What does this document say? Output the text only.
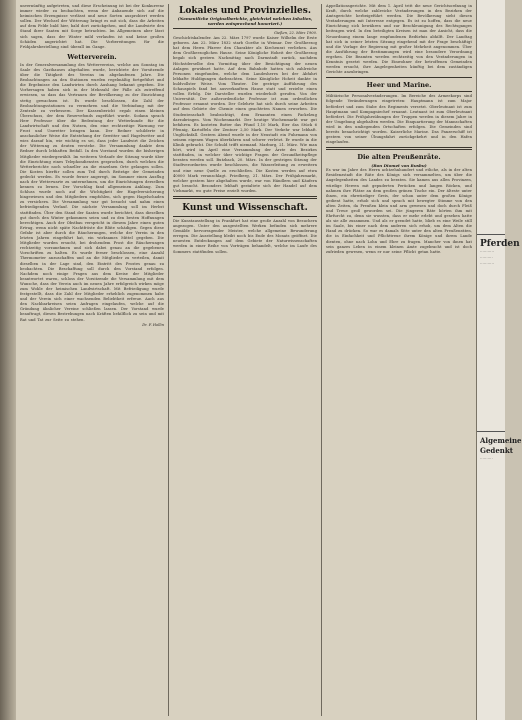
unvernünftig aufgetreten, und diese Erscheinung ist bei der Konkurrenz immer wieder zu beobachten, wenn der Anbauende sich auf die heimischen Erzeugnisse verlässt und neue Sorten ausprobiert werden sollen. Der Wechsel der Witterung bringt es mit sich, dass die Arbeiten auf dem Felde bald hier, bald dort zurückgehen, und die Landwirte den Stand ihrer Saaten mit Sorge betrachten. Im Allgemeinen aber lässt sich sagen, dass der Winter mild verlaufen ist und keine großen Schäden angerichtet hat. Die Vorbereitungen für die Frühjahrsbestellung sind überall im Gange.
Wetterverein.
In der Generalversammlung des Wettervereins, welche am Sonntag im Saale des Gasthauses abgehalten wurde, berichtete der Vorsitzende über die Tätigkeit des Vereins im abgelaufenen Jahre. Die Beobachtungen an den Stationen wurden regelmäßig fortgeführt und die Ergebnisse den Landwirten durch Aushang bekannt gegeben. Die Vorhersagen haben sich in der Mehrzahl der Fälle als zutreffend erwiesen, so dass das Vertrauen der Bevölkerung zu der Einrichtung stetig gewachsen ist. Es wurde beschlossen, die Zahl der Beobachtungsstationen zu vermehren und die Verbindung mit der Zentrale zu verbessern. Der Kassenbericht ergab einen kleinen Überschuss, der dem Reservefonds zugeführt wurde. Sodann sprach Herr Professor über die Bedeutung der Wetterkunde für die Landwirtschaft und den Nutzen, den eine rechtzeitige Warnung vor Frost und Unwetter bringen kann. Der Redner schilderte in anschaulicher Weise die Entstehung der Gewitter und Hagelwetter und wies darauf hin, wie wichtig es sei, dass jeder Landwirt die Zeichen der Witterung zu deuten verstehe. Die Versammlung dankte dem Redner durch lebhaften Beifall. In den Vorstand wurden die bisherigen Mitglieder wiedergewählt. Im weiteren Verlaufe der Sitzung wurde über die Einrichtung eines Telephondienstes gesprochen, durch welchen die Wetterberichte noch schneller an die einzelnen Orte gelangen sollen. Die Kosten hierfür sollen zum Teil durch Beiträge der Gemeinden gedeckt werden. Es wurde ferner angeregt, im Sommer einen Ausflug nach der Wetterwarte zu unternehmen, um die Einrichtungen derselben kennen zu lernen. Der Vorschlag fand allgemeinen Anklang. Zum Schluss wurde noch auf die Wichtigkeit der Hagelversicherung hingewiesen und den Mitgliedern empfohlen, sich gegen Hagelschaden zu versichern. Die Versammlung war gut besucht und nahm einen befriedigenden Verlauf. Die nächste Versammlung soll im Herbst stattfinden. Über den Stand der Saaten wurde berichtet, dass dieselben gut durch den Winter gekommen seien und zu den besten Hoffnungen berechtigen. Auch der Obstbau verspricht in diesem Jahre einen guten Ertrag, wenn nicht späte Nachtfröste die Blüte schädigen. Gegen diese Gefahr ist aber durch die Räucherungen, welche der Verein in den letzten Jahren eingeführt hat, ein wirksames Mittel gegeben. Die Mitglieder wurden ersucht, bei drohendem Frost die Räucherungen rechtzeitig vorzunehmen und sich dabei genau an die gegebenen Vorschriften zu halten. Es wurde ferner beschlossen, eine Anzahl Thermometer anzuschaffen und an die Mitglieder zu verteilen, damit dieselben in der Lage sind, den Eintritt des Frostes genau zu beobachten. Die Beschaffung soll durch den Vorstand erfolgen. Nachdem noch einige Fragen aus dem Kreise der Mitglieder beantwortet waren, schloss der Vorsitzende die Versammlung mit dem Wunsche, dass der Verein auch im neuen Jahre erfolgreich wirken möge zum Wohle der heimischen Landwirtschaft. Mit Befriedigung wurde festgestellt, dass die Zahl der Mitglieder erheblich zugenommen habe und der Verein sich einer wachsenden Beliebtheit erfreue. Auch aus den Nachbarkreisen seien Anfragen eingelaufen, welche auf die Gründung ähnlicher Vereine schließen lassen. Der Vorstand wurde beauftragt, diesen Bestrebungen nach Kräften behilflich zu sein und mit Rat und Tat zur Seite zu stehen.
Dr. F. Hollin
Lokales und Provinzielles.
(Namentliche Originalberichte, gleichviel welchen Inhaltes, werden entsprechend honoriert.)
Gießen, 22. März 1900.
Geschichtskalender. Am 22. März 1797 wurde Kaiser Wilhelm der Erste geboren. Am 22. März 1832 starb Goethe in Weimar. Der Großherzog hat dem Herrn Pfarrer den Charakter als Kirchenrat verliehen. Aus dem Großherzoglichen Hause. Seine Königliche Hoheit der Großherzog begab sich gestern Nachmittag nach Darmstadt zurück, nachdem Höchstderselbe den Vormittag über der Besichtigung der neuen Anlagen gewidmet hatte. Auf dem Bahnhofe hatten sich zahlreiche Personen eingefunden, welche dem Landesherrn bei der Abfahrt lebhafte Huldigungen darbrachten. Seine Königliche Hoheit dankte in huldvollster Weise. Vom Theater. Die gestrige Aufführung des Schauspiels fand bei ausverkauftem Hause statt und erzielte einen vollen Erfolg. Die Darsteller wurden wiederholt gerufen. Von der Universität. Der außerordentliche Professor ist zum ordentlichen Professor ernannt worden. Der Gelehrte hat sich durch seine Arbeiten auf dem Gebiete der Chemie einen geachteten Namen erworben. Die Studentenschaft beabsichtigt, dem Ernannten einen Fackelzug darzubringen. Vom Wochenmarkt. Der heutige Wochenmarkt war gut befahren. Es kosteten Butter das Pfund 1,10 Mark, Eier das Stück 6 Pfennig, Kartoffeln der Zentner 2,50 Mark. Der Verkehr war lebhaft. Unglücksfall. Gestern Abend wurde in der Neustadt ein Fuhrmann von seinem eigenen Wagen überfahren und schwer verletzt. Er wurde in die Klinik gebracht. Die Schuld trifft niemand. Marburg, 21. März. Wie man hört, wird im April eine Versammlung der Ärzte des Bezirkes stattfinden, in welcher über wichtige Fragen der Gesundheitspflege beraten werden soll. Butzbach, 20. März. In der gestrigen Sitzung der Stadtverordneten wurde beschlossen, die Wasserleitung zu erweitern und eine neue Quelle zu erschließen. Die Kosten werden auf etwa 40000 Mark veranschlagt. Friedberg, 21. März. Der Frühjahrsmarkt, welcher gestern hier abgehalten wurde, war von Händlern und Käufern gut besucht. Besonders lebhaft gestaltete sich der Handel auf dem Viehmarkt, wo gute Preise erzielt wurden.
Kunst und Wissenschaft.
Die Kunstausstellung in Frankfurt hat eine große Anzahl von Besuchern angezogen. Unter den ausgestellten Werken befinden sich mehrere Gemälde hervorragender Meister, welche allgemeine Bewunderung erregen. Die Ausstellung bleibt noch bis Ende des Monats geöffnet. Die neuesten Entdeckungen auf dem Gebiete der Naturwissenschaften werden in einer Reihe von Vorträgen behandelt, welche im Laufe des Sommers stattfinden sollen.
Appellationsgerichte. Mit dem 1. April tritt die neue Gerichtsordnung in Kraft, durch welche zahlreiche Veränderungen in den Bezirken der Amtsgerichte herbeigeführt werden. Die Bevölkerung sieht diesen Veränderungen mit Interesse entgegen. Es ist zu hoffen, dass die neue Einrichtung sich bewähren und zur Beschleunigung des Rechtsganges beitragen wird. In den beteiligten Kreisen ist man der Ansicht, dass die Neuordnung einem lange empfundenen Bedürfnis abhilft. Der Landtag hat sich in seiner letzten Sitzung eingehend mit der Frage beschäftigt und die Vorlage der Regierung mit großer Mehrheit angenommen. Über die Ausführung der Bestimmungen wird eine besondere Verordnung ergehen. Die Beamten werden rechtzeitig von den Veränderungen in Kenntnis gesetzt werden. Die Einwohner der betroffenen Gemeinden werden ersucht, ihre Angelegenheiten künftig bei dem zuständigen Gerichte anzubringen.
Heer und Marine.
Militärische Personalveränderungen. Im Bereiche des Armeekorps sind folgende Veränderungen eingetreten: Hauptmann ist zum Major befördert und zum Stabe des Regiments versetzt. Oberleutnant ist zum Hauptmann und Kompagniechef ernannt. Leutnant ist zum Oberleutnant befördert. Die Frühjahrsübungen der Truppen werden in diesem Jahre in der Umgebung abgehalten werden. Die Einquartierung der Mannschaften wird in den umliegenden Ortschaften erfolgen. Die Gemeinden sind bereits benachrichtigt worden. Kaiserliche Marine. Das Panzerschiff ist gestern von seiner Übungsfahrt zurückgekehrt und in den Hafen eingelaufen.
Die alten Preußenräte.
(Bon Diomet von Rusbu)
Es war im Jahre des Herrn achtzehnhundert und etliche, als in der alten Residenzstadt die Räte des Königs sich versammelten, um über die Angelegenheiten des Landes zu beraten. Sie kamen aus allen Provinzen, würdige Herren mit gepuderten Perücken und langen Röcken, und nahmen ihre Plätze an dem großen grünen Tische ein. Der älteste unter ihnen, ein ehrwürdiger Greis, der schon unter dem großen Könige gedient hatte, erhob sich und sprach mit bewegter Stimme von den alten Zeiten, da Preußen klein und arm gewesen und doch durch Fleiß und Treue groß geworden sei. Die jüngeren Räte hörten ihm mit Ehrfurcht zu, denn sie wussten, dass er mehr erlebt und gesehen hatte als sie alle zusammen. Und als er geendet hatte, blieb es eine Weile still im Saale, bis einer nach dem anderen sich erhob, um dem Alten die Hand zu drücken. So war es damals Sitte unter den alten Preußenräten, die in Einfachheit und Pflichttreue ihrem Könige und ihrem Lande dienten, ohne nach Lohn und Ehre zu fragen. Mancher von ihnen hat sein ganzes Leben in einem kleinen Amte zugebracht und ist doch zufrieden gewesen, wenn er nur seine Pflicht getan hatte.
Pferden
···········
··········
···········
Algemeine
Gedenkt
··········
